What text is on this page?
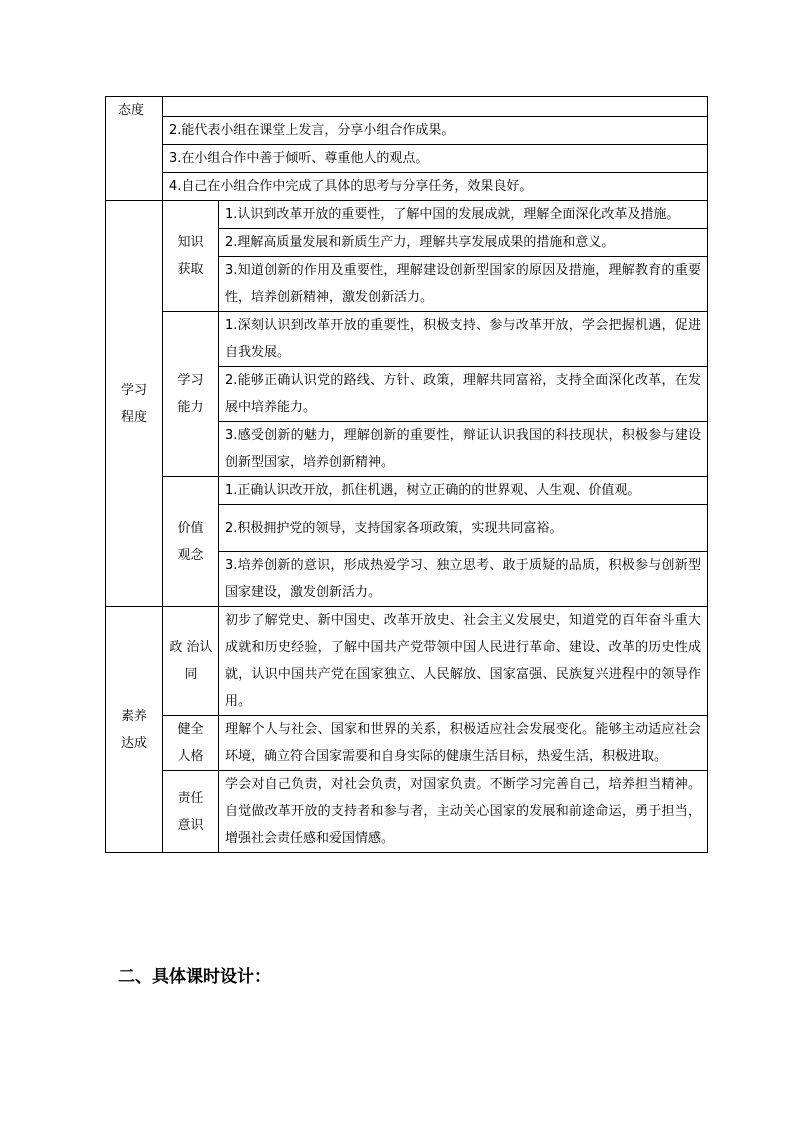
态度		
	2.能代表小组在课堂上发言，分享小组合作成果。	
	3.在小组合作中善于倾听、尊重他人的观点。	
	4.自己在小组合作中完成了具体的思考与分享任务，效果良好。	
学习程度	知识获取	1.认识到改革开放的重要性，了解中国的发展成就，理解全面深化改革及措施。
		2.理解高质量发展和新质生产力，理解共享发展成果的措施和意义。
		3.知道创新的作用及重要性，理解建设创新型国家的原因及措施，理解教育的重要性，培养创新精神，激发创新活力。
	学习能力	1.深刻认识到改革开放的重要性，积极支持、参与改革开放，学会把握机遇，促进自我发展。
		2.能够正确认识党的路线、方针、政策，理解共同富裕，支持全面深化改革，在发展中培养能力。
		3.感受创新的魅力，理解创新的重要性，辩证认识我国的科技现状，积极参与建设创新型国家，培养创新精神。
	价值观念	1.正确认识改开放，抓住机遇，树立正确的的世界观、人生观、价值观。
		2.积极拥护党的领导，支持国家各项政策，实现共同富裕。
		3.培养创新的意识，形成热爱学习、独立思考、敢于质疑的品质，积极参与创新型国家建设，激发创新活力。
素养达成	政 治认同	初步了解党史、新中国史、改革开放史、社会主义发展史，知道党的百年奋斗重大成就和历史经验，了解中国共产党带领中国人民进行革命、建设、改革的历史性成就，认识中国共产党在国家独立、人民解放、国家富强、民族复兴进程中的领导作用。
	健全人格	理解个人与社会、国家和世界的关系，积极适应社会发展变化。能够主动适应社会环境，确立符合国家需要和自身实际的健康生活目标，热爱生活，积极进取。
	责任意识	学会对自己负责，对社会负责，对国家负责。不断学习完善自己，培养担当精神。自觉做改革开放的支持者和参与者，主动关心国家的发展和前途命运，勇于担当，增强社会责任感和爱国情感。
二、具体课时设计：
